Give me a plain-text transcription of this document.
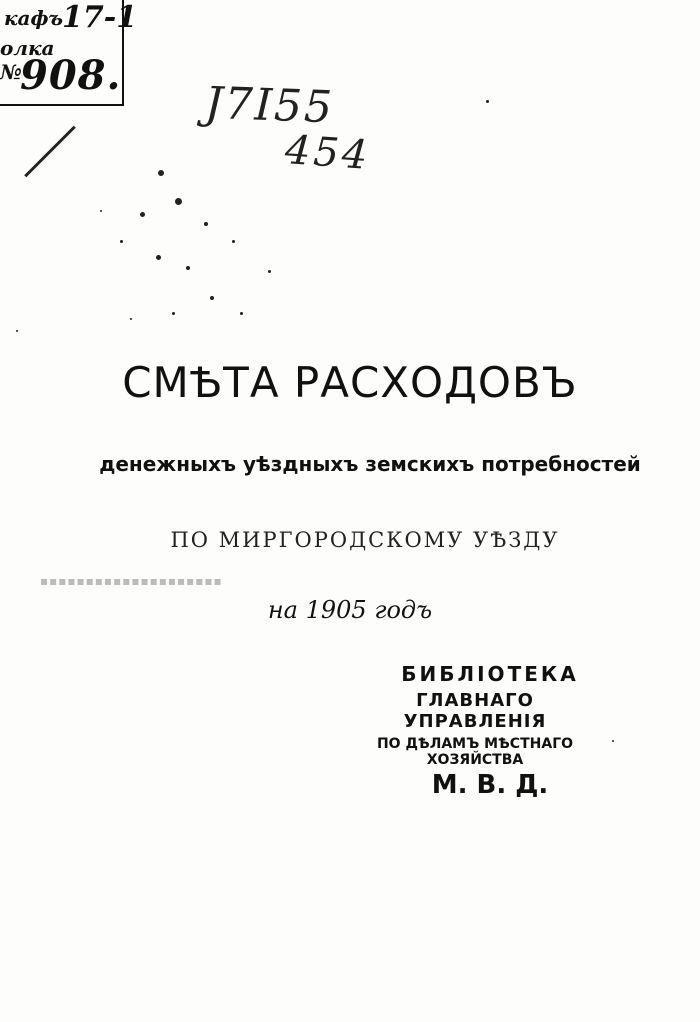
кафъ
17-1
олка
№
908.
Ј7І55
454
СМѢТА РАСХОДОВЪ
денежныхъ уѣздныхъ земскихъ потребностей
ПО МИРГОРОДСКОМУ УѢЗДУ
▪▪▪▪▪▪▪▪▪▪▪▪▪▪▪▪▪▪▪▪
на 1905 годъ
БИБЛІОТЕКА
ГЛАВНАГО УПРАВЛЕНІЯ
ПО ДѢЛАМЪ МѢСТНАГО ХОЗЯЙСТВА
М. В. Д.
